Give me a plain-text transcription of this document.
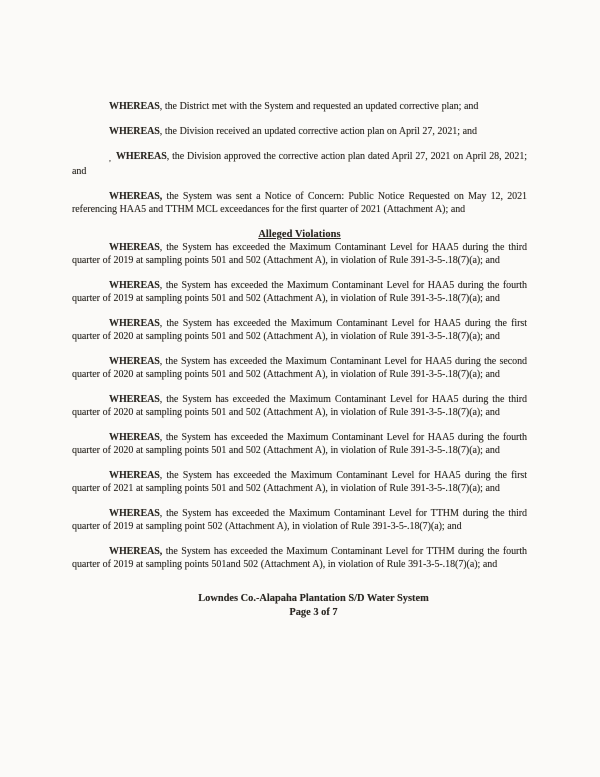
WHEREAS, the District met with the System and requested an updated corrective plan; and

WHEREAS, the Division received an updated corrective action plan on April 27, 2021; and

$_,$ WHEREAS, the Division approved the corrective action plan dated April 27, 2021 on April 28, 2021; and

WHEREAS, the System was sent a Notice of Concern: Public Notice Requested on May 12, 2021 referencing HAA5 and TTHM MCL exceedances for the first quarter of 2021 (Attachment A); and

Alleged Violations

WHEREAS, the System has exceeded the Maximum Contaminant Level for HAA5 during the third quarter of 2019 at sampling points 501 and 502 (Attachment A), in violation of Rule 391-3-5-.18(7)(a); and

WHEREAS, the System has exceeded the Maximum Contaminant Level for HAA5 during the fourth quarter of 2019 at sampling points 501 and 502 (Attachment A), in violation of Rule 391-3-5-.18(7)(a); and

WHEREAS, the System has exceeded the Maximum Contaminant Level for HAA5 during the first quarter of 2020 at sampling points 501 and 502 (Attachment A), in violation of Rule 391-3-5-.18(7)(a); and

WHEREAS, the System has exceeded the Maximum Contaminant Level for HAA5 during the second quarter of 2020 at sampling points 501 and 502 (Attachment A), in violation of Rule 391-3-5-.18(7)(a); and

WHEREAS, the System has exceeded the Maximum Contaminant Level for HAA5 during the third quarter of 2020 at sampling points 501 and 502 (Attachment A), in violation of Rule 391-3-5-.18(7)(a); and

WHEREAS, the System has exceeded the Maximum Contaminant Level for HAA5 during the fourth quarter of 2020 at sampling points 501 and 502 (Attachment A), in violation of Rule 391-3-5-.18(7)(a); and

WHEREAS, the System has exceeded the Maximum Contaminant Level for HAA5 during the first quarter of 2021 at sampling points 501 and 502 (Attachment A), in violation of Rule 391-3-5-.18(7)(a); and

WHEREAS, the System has exceeded the Maximum Contaminant Level for TTHM during the third quarter of 2019 at sampling point 502 (Attachment A), in violation of Rule 391-3-5-.18(7)(a); and

WHEREAS, the System has exceeded the Maximum Contaminant Level for TTHM during the fourth quarter of 2019 at sampling points 501and 502 (Attachment A), in violation of Rule 391-3-5-.18(7)(a); and

Lowndes Co.-Alapaha Plantation S/D Water System
Page 3 of 7
